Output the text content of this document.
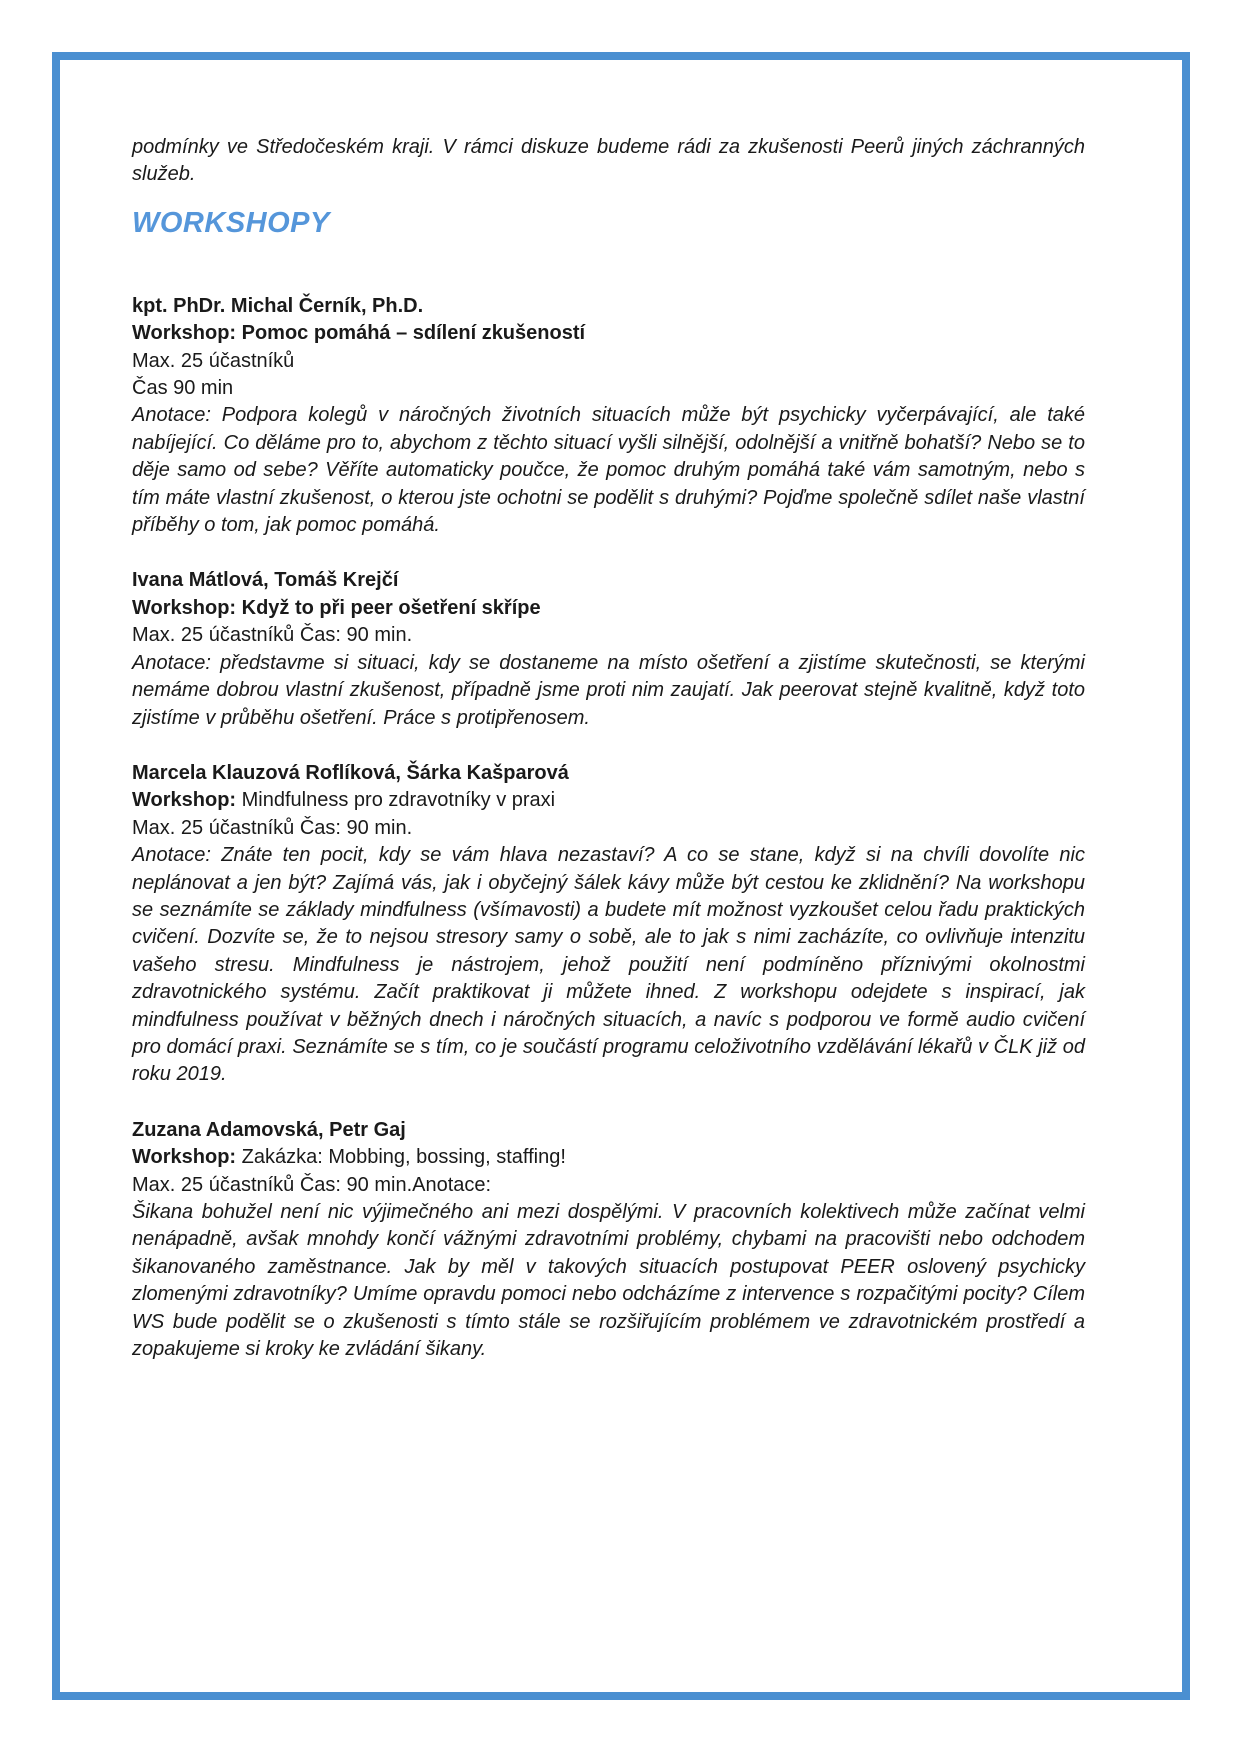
podmínky ve Středočeském kraji. V rámci diskuze budeme rádi za zkušenosti Peerů jiných záchranných služeb.

WORKSHOPY
kpt. PhDr. Michal Černík, Ph.D.
Workshop: Pomoc pomáhá – sdílení zkušeností
Max. 25 účastníků
Čas 90 min

Anotace: Podpora kolegů v náročných životních situacích může být psychicky vyčerpávající, ale také nabíjející. Co děláme pro to, abychom z těchto situací vyšli silnější, odolnější a vnitřně bohatší? Nebo se to děje samo od sebe? Věříte automaticky poučce, že pomoc druhým pomáhá také vám samotným, nebo s tím máte vlastní zkušenost, o kterou jste ochotni se podělit s druhými? Pojďme společně sdílet naše vlastní příběhy o tom, jak pomoc pomáhá.

Ivana Mátlová, Tomáš Krejčí
Workshop: Když to při peer ošetření skřípe
Max. 25 účastníků Čas: 90 min.

Anotace: představme si situaci, kdy se dostaneme na místo ošetření a zjistíme skutečnosti, se kterými nemáme dobrou vlastní zkušenost, případně jsme proti nim zaujatí. Jak peerovat stejně kvalitně, když toto zjistíme v průběhu ošetření. Práce s protipřenosem.

Marcela Klauzová Roflíková, Šárka Kašparová
Workshop: Mindfulness pro zdravotníky v praxi
Max. 25 účastníků Čas: 90 min.

Anotace: Znáte ten pocit, kdy se vám hlava nezastaví? A co se stane, když si na chvíli dovolíte nic neplánovat a jen být? Zajímá vás, jak i obyčejný šálek kávy může být cestou ke zklidnění? Na workshopu se seznámíte se základy mindfulness (všímavosti) a budete mít možnost vyzkoušet celou řadu praktických cvičení. Dozvíte se, že to nejsou stresory samy o sobě, ale to jak s nimi zacházíte, co ovlivňuje intenzitu vašeho stresu. Mindfulness je nástrojem, jehož použití není podmíněno příznivými okolnostmi zdravotnického systému. Začít praktikovat ji můžete ihned. Z workshopu odejdete s inspirací, jak mindfulness používat v běžných dnech i náročných situacích, a navíc s podporou ve formě audio cvičení pro domácí praxi. Seznámíte se s tím, co je součástí programu celoživotního vzdělávání lékařů v ČLK již od roku 2019.

Zuzana Adamovská, Petr Gaj
Workshop: Zakázka: Mobbing, bossing, staffing!
Max. 25 účastníků Čas: 90 min.Anotace:

Šikana bohužel není nic výjimečného ani mezi dospělými. V pracovních kolektivech může začínat velmi nenápadně, avšak mnohdy končí vážnými zdravotními problémy, chybami na pracovišti nebo odchodem šikanovaného zaměstnance. Jak by měl v takových situacích postupovat PEER oslovený psychicky zlomenými zdravotníky? Umíme opravdu pomoci nebo odcházíme z intervence s rozpačitými pocity? Cílem WS bude podělit se o zkušenosti s tímto stále se rozšiřujícím problémem ve zdravotnickém prostředí a zopakujeme si kroky ke zvládání šikany.
